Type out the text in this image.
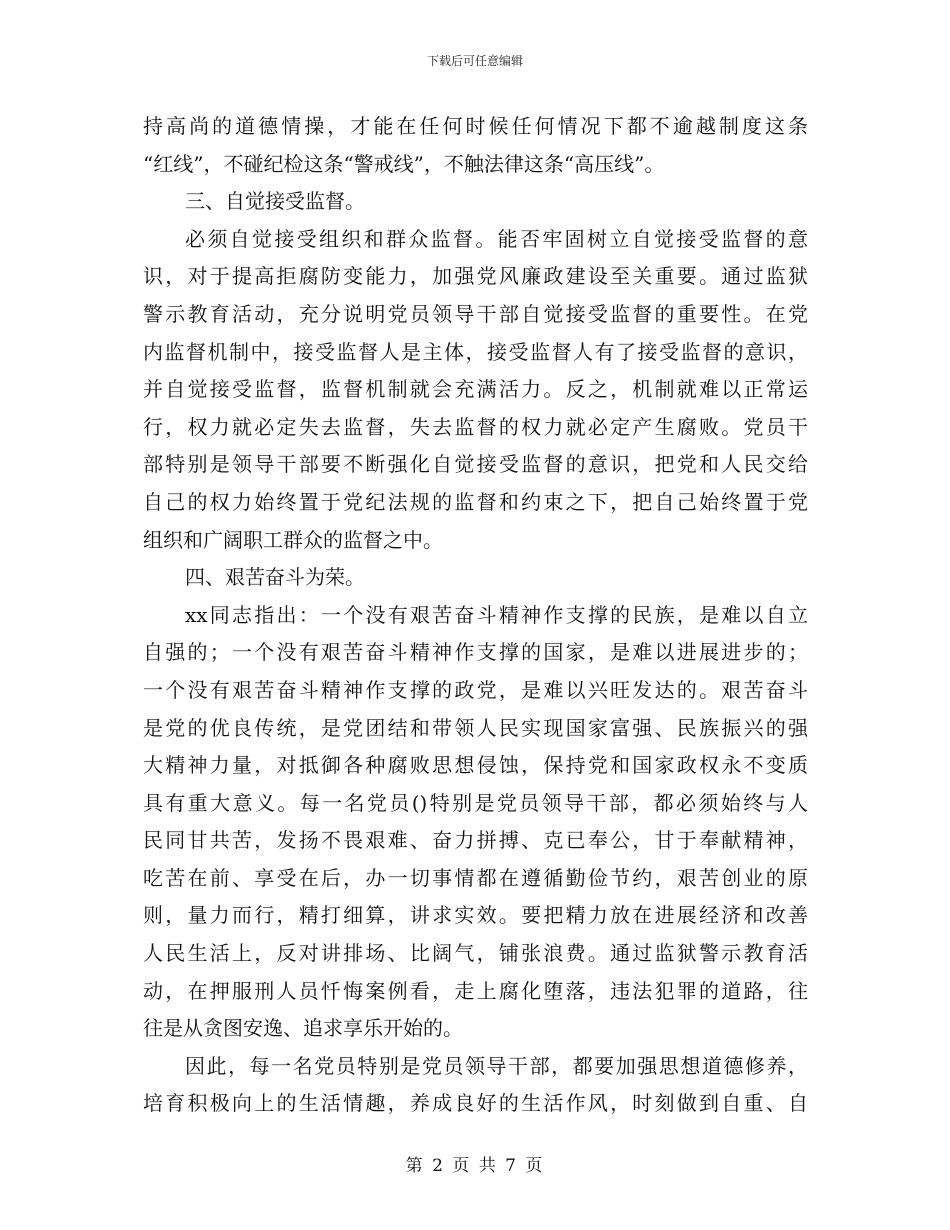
下载后可任意编辑
持高尚的道德情操，才能在任何时候任何情况下都不逾越制度这条
“红线”，不碰纪检这条“警戒线”，不触法律这条“高压线”。
三、自觉接受监督。
必须自觉接受组织和群众监督。能否牢固树立自觉接受监督的意
识，对于提高拒腐防变能力，加强党风廉政建设至关重要。通过监狱
警示教育活动，充分说明党员领导干部自觉接受监督的重要性。在党
内监督机制中，接受监督人是主体，接受监督人有了接受监督的意识，
并自觉接受监督，监督机制就会充满活力。反之，机制就难以正常运
行，权力就必定失去监督，失去监督的权力就必定产生腐败。党员干
部特别是领导干部要不断强化自觉接受监督的意识，把党和人民交给
自己的权力始终置于党纪法规的监督和约束之下，把自己始终置于党
组织和广阔职工群众的监督之中。
四、艰苦奋斗为荣。
xx同志指出：一个没有艰苦奋斗精神作支撑的民族，是难以自立
自强的；一个没有艰苦奋斗精神作支撑的国家，是难以进展进步的；
一个没有艰苦奋斗精神作支撑的政党，是难以兴旺发达的。艰苦奋斗
是党的优良传统，是党团结和带领人民实现国家富强、民族振兴的强
大精神力量，对抵御各种腐败思想侵蚀，保持党和国家政权永不变质
具有重大意义。每一名党员()特别是党员领导干部，都必须始终与人
民同甘共苦，发扬不畏艰难、奋力拼搏、克已奉公，甘于奉献精神，
吃苦在前、享受在后，办一切事情都在遵循勤俭节约，艰苦创业的原
则，量力而行，精打细算，讲求实效。要把精力放在进展经济和改善
人民生活上，反对讲排场、比阔气，铺张浪费。通过监狱警示教育活
动，在押服刑人员忏悔案例看，走上腐化堕落，违法犯罪的道路，往
往是从贪图安逸、追求享乐开始的。
因此，每一名党员特别是党员领导干部，都要加强思想道德修养，
培育积极向上的生活情趣，养成良好的生活作风，时刻做到自重、自
第 2 页 共 7 页
